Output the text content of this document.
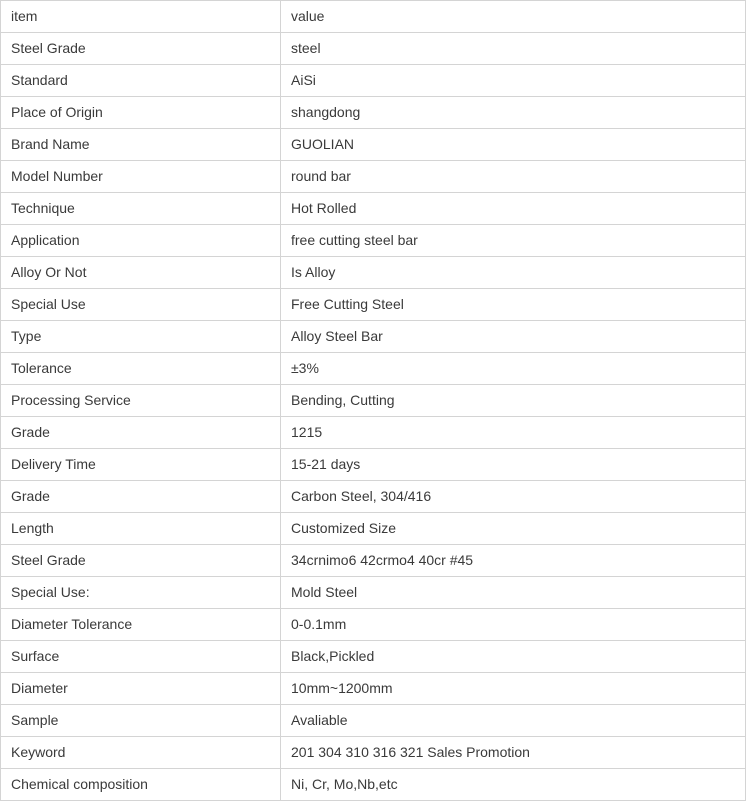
item	value
Steel Grade	steel
Standard	AiSi
Place of Origin	shangdong
Brand Name	GUOLIAN
Model Number	round bar
Technique	Hot Rolled
Application	free cutting steel bar
Alloy Or Not	Is Alloy
Special Use	Free Cutting Steel
Type	Alloy Steel Bar
Tolerance	±3%
Processing Service	Bending, Cutting
Grade	1215
Delivery Time	15-21 days
Grade	Carbon Steel, 304/416
Length	Customized Size
Steel Grade	34crnimo6 42crmo4 40cr #45
Special Use:	Mold Steel
Diameter Tolerance	0-0.1mm
Surface	Black,Pickled
Diameter	10mm~1200mm
Sample	Avaliable
Keyword	201 304 310 316 321 Sales Promotion
Chemical composition	Ni, Cr, Mo,Nb,etc
